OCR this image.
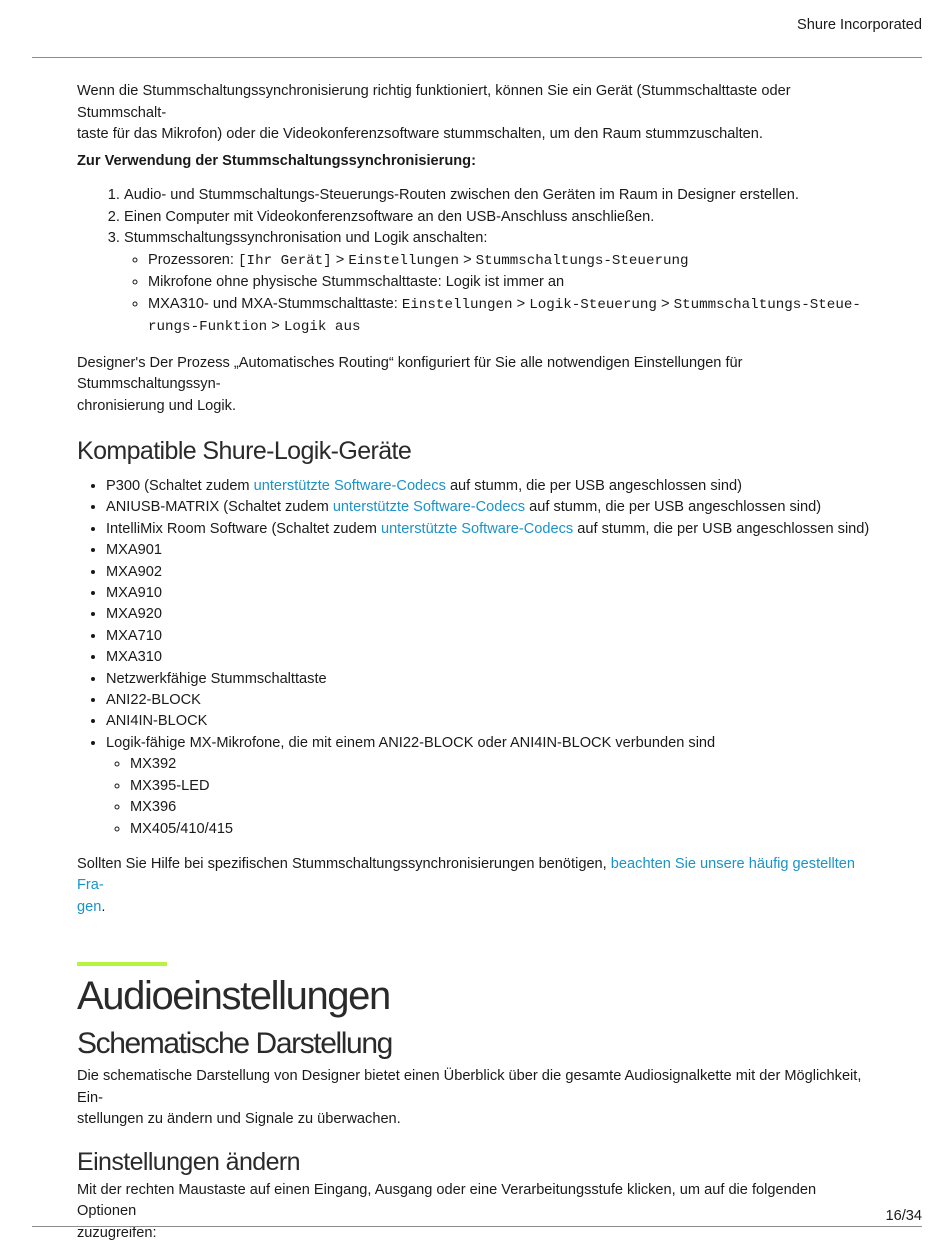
Shure Incorporated

Wenn die Stummschaltungssynchronisierung richtig funktioniert, können Sie ein Gerät (Stummschalttaste oder Stummschalt-
taste für das Mikrofon) oder die Videokonferenzsoftware stummschalten, um den Raum stummzuschalten.

Zur Verwendung der Stummschaltungssynchronisierung:

1. Audio- und Stummschaltungs-Steuerungs-Routen zwischen den Geräten im Raum in Designer erstellen.
2. Einen Computer mit Videokonferenzsoftware an den USB-Anschluss anschließen.
3. Stummschaltungssynchronisation und Logik anschalten:
◦ Prozessoren: [Ihr Gerät] > Einstellungen > Stummschaltungs-Steuerung
◦ Mikrofone ohne physische Stummschalttaste: Logik ist immer an
◦ MXA310- und MXA-Stummschalttaste: Einstellungen > Logik-Steuerung > Stummschaltungs-Steue-
rungs-Funktion > Logik aus

Designer's Der Prozess „Automatisches Routing“ konfiguriert für Sie alle notwendigen Einstellungen für Stummschaltungssyn-
chronisierung und Logik.

Kompatible Shure-Logik-Geräte
• P300 (Schaltet zudem unterstützte Software-Codecs auf stumm, die per USB angeschlossen sind)
• ANIUSB-MATRIX (Schaltet zudem unterstützte Software-Codecs auf stumm, die per USB angeschlossen sind)
• IntelliMix Room Software (Schaltet zudem unterstützte Software-Codecs auf stumm, die per USB angeschlossen sind)
• MXA901
• MXA902
• MXA910
• MXA920
• MXA710
• MXA310
• Netzwerkfähige Stummschalttaste
• ANI22-BLOCK
• ANI4IN-BLOCK
• Logik-fähige MX-Mikrofone, die mit einem ANI22-BLOCK oder ANI4IN-BLOCK verbunden sind
◦ MX392
◦ MX395-LED
◦ MX396
◦ MX405/410/415

Sollten Sie Hilfe bei spezifischen Stummschaltungssynchronisierungen benötigen, beachten Sie unsere häufig gestellten Fra-
gen.

Audioeinstellungen
Schematische Darstellung

Die schematische Darstellung von Designer bietet einen Überblick über die gesamte Audiosignalkette mit der Möglichkeit, Ein-
stellungen zu ändern und Signale zu überwachen.

Einstellungen ändern

Mit der rechten Maustaste auf einen Eingang, Ausgang oder eine Verarbeitungsstufe klicken, um auf die folgenden Optionen
zuzugreifen:

16/34
